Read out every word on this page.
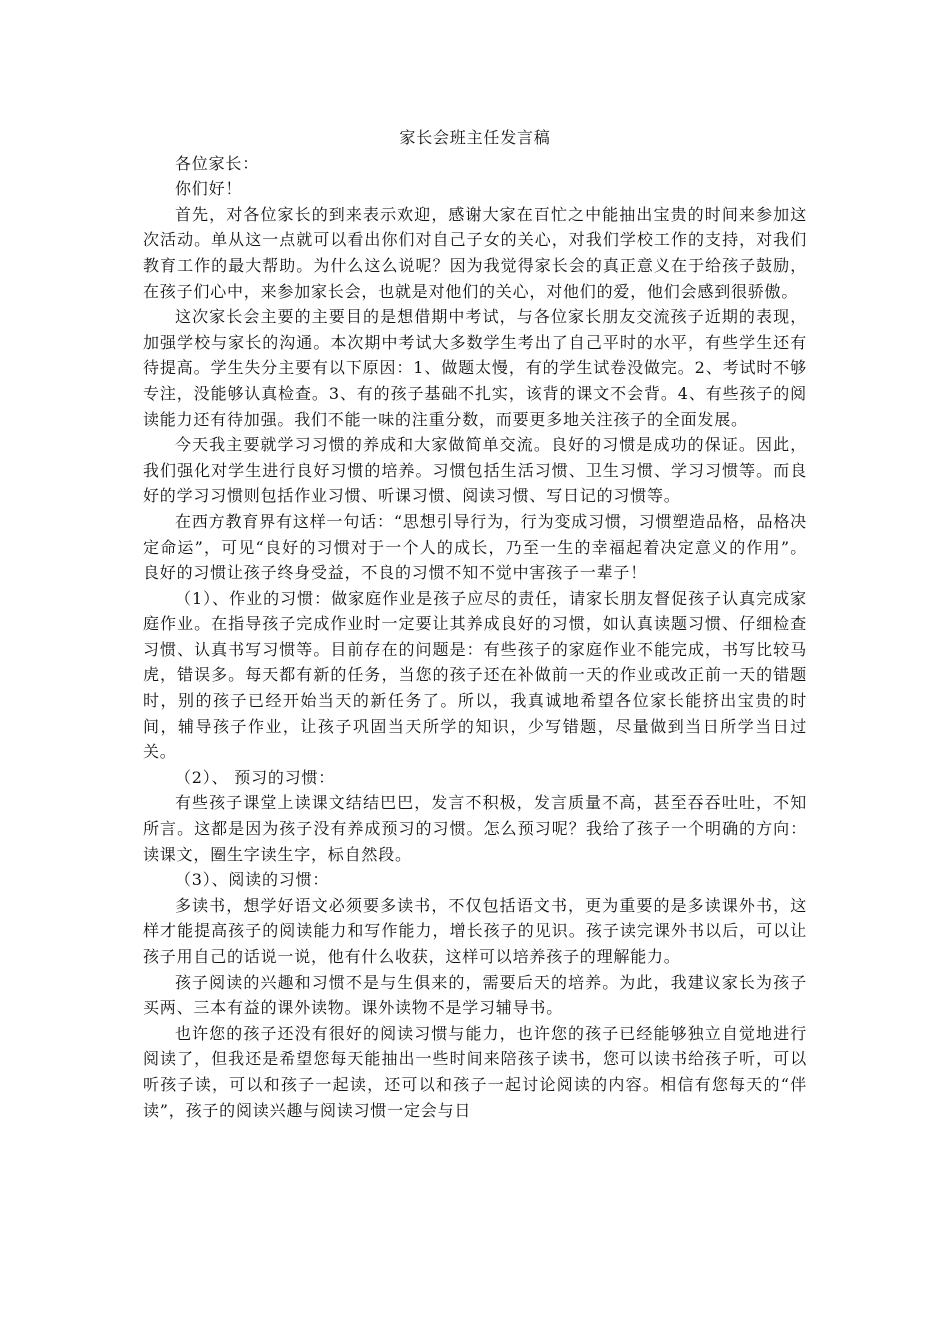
家长会班主任发言稿

各位家长：

你们好！

首先，对各位家长的到来表示欢迎，感谢大家在百忙之中能抽出宝贵的时间来参加这次活动。单从这一点就可以看出你们对自己子女的关心，对我们学校工作的支持，对我们教育工作的最大帮助。为什么这么说呢？因为我觉得家长会的真正意义在于给孩子鼓励，在孩子们心中，来参加家长会，也就是对他们的关心，对他们的爱，他们会感到很骄傲。

这次家长会主要的主要目的是想借期中考试，与各位家长朋友交流孩子近期的表现，加强学校与家长的沟通。本次期中考试大多数学生考出了自己平时的水平，有些学生还有待提高。学生失分主要有以下原因：1、做题太慢，有的学生试卷没做完。2、考试时不够专注，没能够认真检查。3、有的孩子基础不扎实，该背的课文不会背。4、有些孩子的阅读能力还有待加强。我们不能一味的注重分数，而要更多地关注孩子的全面发展。

今天我主要就学习习惯的养成和大家做简单交流。良好的习惯是成功的保证。因此，我们强化对学生进行良好习惯的培养。习惯包括生活习惯、卫生习惯、学习习惯等。而良好的学习习惯则包括作业习惯、听课习惯、阅读习惯、写日记的习惯等。

在西方教育界有这样一句话：“思想引导行为，行为变成习惯，习惯塑造品格，品格决定命运”，可见“良好的习惯对于一个人的成长，乃至一生的幸福起着决定意义的作用”。良好的习惯让孩子终身受益，不良的习惯不知不觉中害孩子一辈子！

（1）、作业的习惯：做家庭作业是孩子应尽的责任，请家长朋友督促孩子认真完成家庭作业。在指导孩子完成作业时一定要让其养成良好的习惯，如认真读题习惯、仔细检查习惯、认真书写习惯等。目前存在的问题是：有些孩子的家庭作业不能完成，书写比较马虎，错误多。每天都有新的任务，当您的孩子还在补做前一天的作业或改正前一天的错题时，别的孩子已经开始当天的新任务了。所以，我真诚地希望各位家长能挤出宝贵的时间，辅导孩子作业，让孩子巩固当天所学的知识，少写错题，尽量做到当日所学当日过关。

（2）、 预习的习惯：

有些孩子课堂上读课文结结巴巴，发言不积极，发言质量不高，甚至吞吞吐吐，不知所言。这都是因为孩子没有养成预习的习惯。怎么预习呢？我给了孩子一个明确的方向：读课文，圈生字读生字，标自然段。

（3）、阅读的习惯：

多读书，想学好语文必须要多读书，不仅包括语文书，更为重要的是多读课外书，这样才能提高孩子的阅读能力和写作能力，增长孩子的见识。孩子读完课外书以后，可以让孩子用自己的话说一说，他有什么收获，这样可以培养孩子的理解能力。

孩子阅读的兴趣和习惯不是与生俱来的，需要后天的培养。为此，我建议家长为孩子买两、三本有益的课外读物。课外读物不是学习辅导书。

也许您的孩子还没有很好的阅读习惯与能力，也许您的孩子已经能够独立自觉地进行阅读了，但我还是希望您每天能抽出一些时间来陪孩子读书，您可以读书给孩子听，可以听孩子读，可以和孩子一起读，还可以和孩子一起讨论阅读的内容。相信有您每天的“伴读”，孩子的阅读兴趣与阅读习惯一定会与日
